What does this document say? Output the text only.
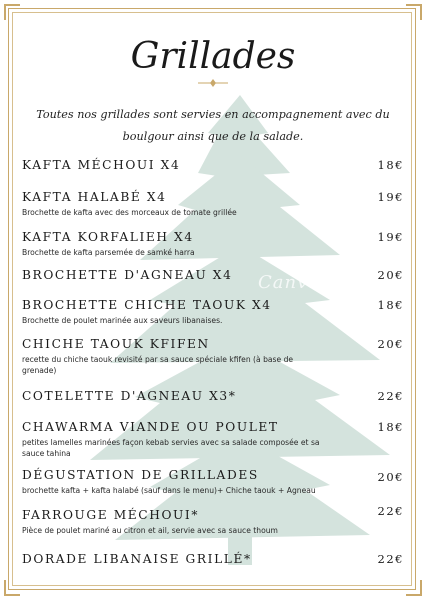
Canva
Grillades
Toutes nos grillades sont servies en accompagnement avec du boulgour ainsi que de la salade.
KAFTA MÉCHOUI X4	18€
KAFTA HALABÉ X4	19€
Brochette de kafta avec des morceaux de tomate grillée
KAFTA KORFALIEH X4	19€
Brochette de kafta parsemée de samké harra
BROCHETTE D'AGNEAU X4	20€
BROCHETTE CHICHE TAOUK X4	18€
Brochette de poulet marinée aux saveurs libanaises.
CHICHE TAOUK KFIFEN	20€
recette du chiche taouk revisité par sa sauce spéciale kfifen (à base de grenade)
COTELETTE D'AGNEAU X3*	22€
CHAWARMA VIANDE OU POULET	18€
petites lamelles marinées façon kebab servies avec sa salade composée et sa sauce tahina
DÉGUSTATION DE GRILLADES	20€
brochette kafta + kafta halabé (sauf dans le menu)+ Chiche taouk + Agneau
FARROUGE MÉCHOUI*	22€
Pièce de poulet mariné au citron et ail, servie avec sa sauce thoum
DORADE LIBANAISE GRILLÉ*	22€
